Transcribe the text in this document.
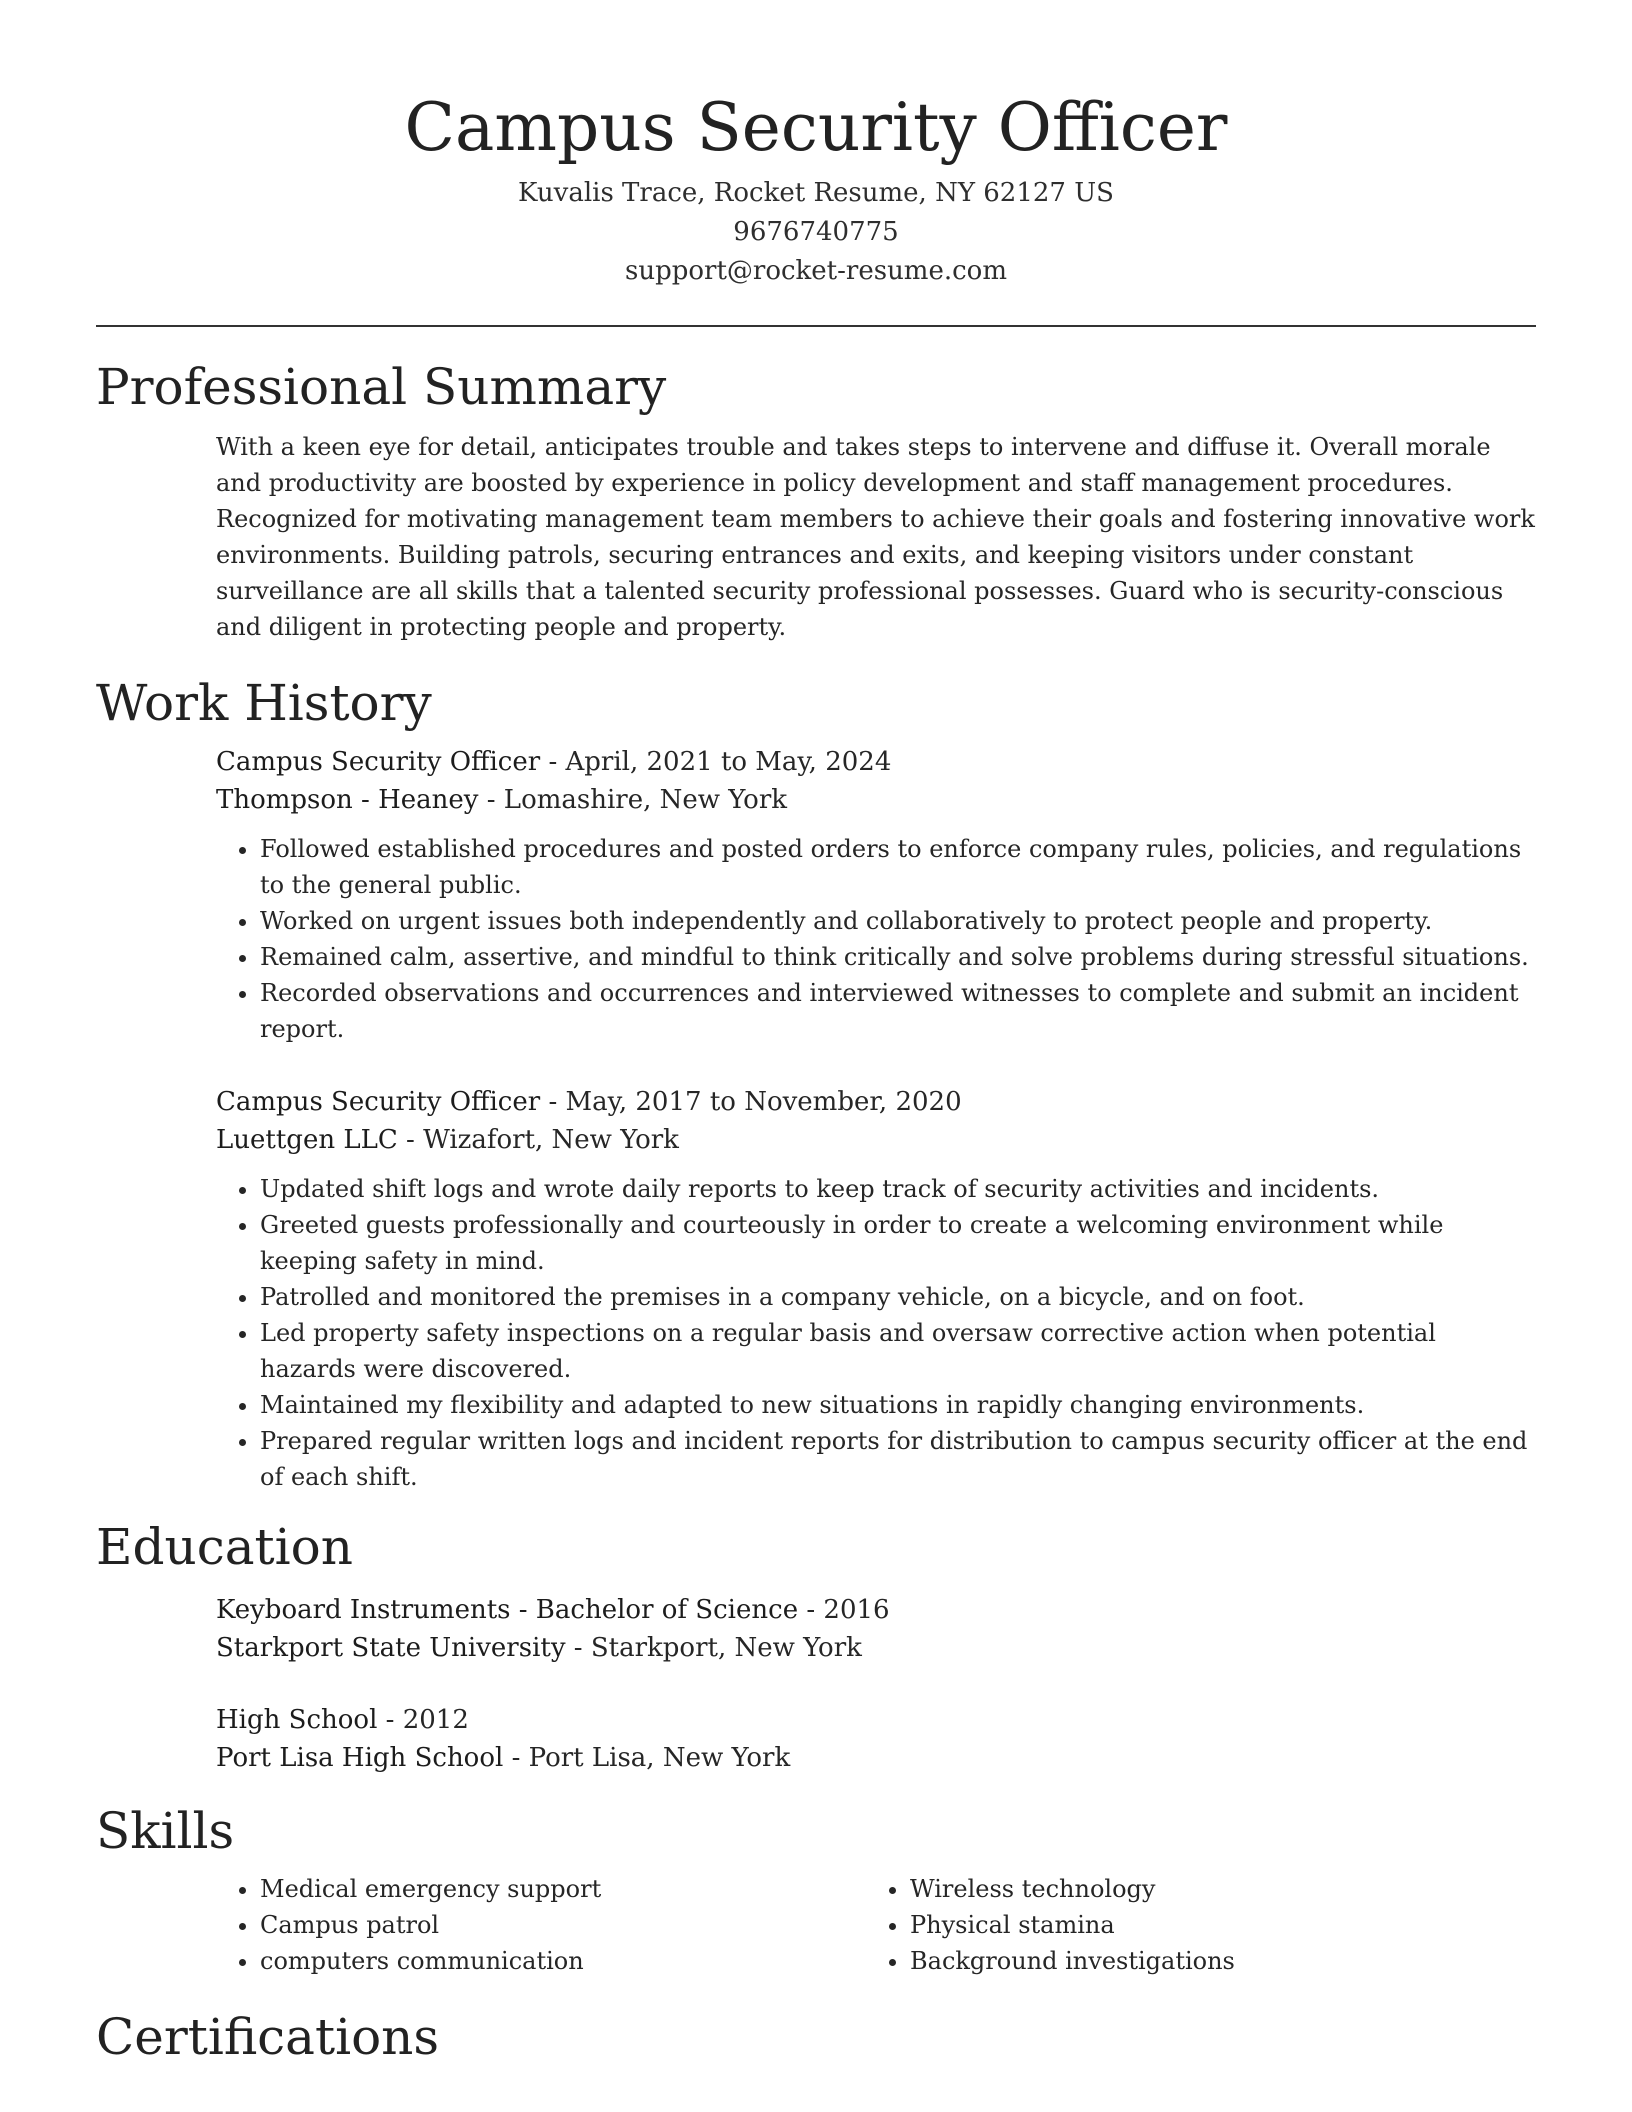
Campus Security Officer
Kuvalis Trace, Rocket Resume, NY 62127 US
9676740775
support@rocket-resume.com
Professional Summary

With a keen eye for detail, anticipates trouble and takes steps to intervene and diffuse it. Overall morale and productivity are boosted by experience in policy development and staff management procedures. Recognized for motivating management team members to achieve their goals and fostering innovative work environments. Building patrols, securing entrances and exits, and keeping visitors under constant surveillance are all skills that a talented security professional possesses. Guard who is security-conscious and diligent in protecting people and property.

Work History
Campus Security Officer - April, 2021 to May, 2024
Thompson - Heaney - Lomashire, New York
• Followed established procedures and posted orders to enforce company rules, policies, and regulations to the general public.
• Worked on urgent issues both independently and collaboratively to protect people and property.
• Remained calm, assertive, and mindful to think critically and solve problems during stressful situations.
• Recorded observations and occurrences and interviewed witnesses to complete and submit an incident report.
Campus Security Officer - May, 2017 to November, 2020
Luettgen LLC - Wizafort, New York
• Updated shift logs and wrote daily reports to keep track of security activities and incidents.
• Greeted guests professionally and courteously in order to create a welcoming environment while keeping safety in mind.
• Patrolled and monitored the premises in a company vehicle, on a bicycle, and on foot.
• Led property safety inspections on a regular basis and oversaw corrective action when potential hazards were discovered.
• Maintained my flexibility and adapted to new situations in rapidly changing environments.
• Prepared regular written logs and incident reports for distribution to campus security officer at the end of each shift.
Education
Keyboard Instruments - Bachelor of Science - 2016
Starkport State University - Starkport, New York
High School - 2012
Port Lisa High School - Port Lisa, New York
Skills
• Medical emergency support
• Campus patrol
• computers communication
• Wireless technology
• Physical stamina
• Background investigations
Certifications
